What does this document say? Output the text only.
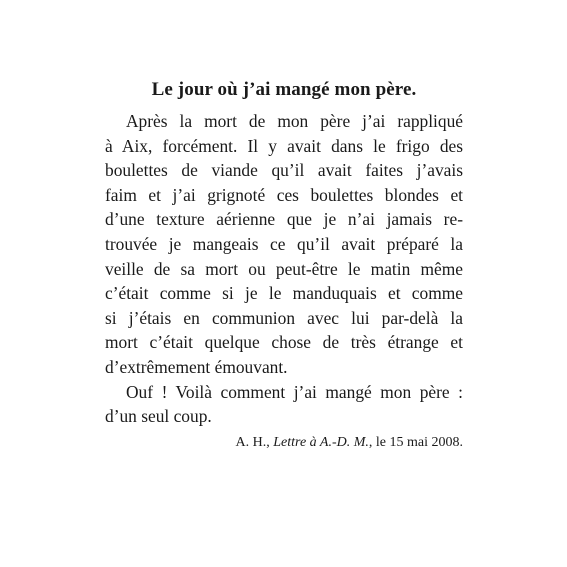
Le jour où j’ai mangé mon père.
Après la mort de mon père j’ai rappliqué
à Aix, forcément. Il y avait dans le frigo des
boulettes de viande qu’il avait faites j’avais
faim et j’ai grignoté ces boulettes blondes et
d’une texture aérienne que je n’ai jamais re-
trouvée je mangeais ce qu’il avait préparé la
veille de sa mort ou peut-être le matin même
c’était comme si je le manduquais et comme
si j’étais en communion avec lui par-delà la
mort c’était quelque chose de très étrange et
d’extrêmement émouvant.
Ouf ! Voilà comment j’ai mangé mon père :
d’un seul coup.
A. H., Lettre à A.-D. M., le 15 mai 2008.
